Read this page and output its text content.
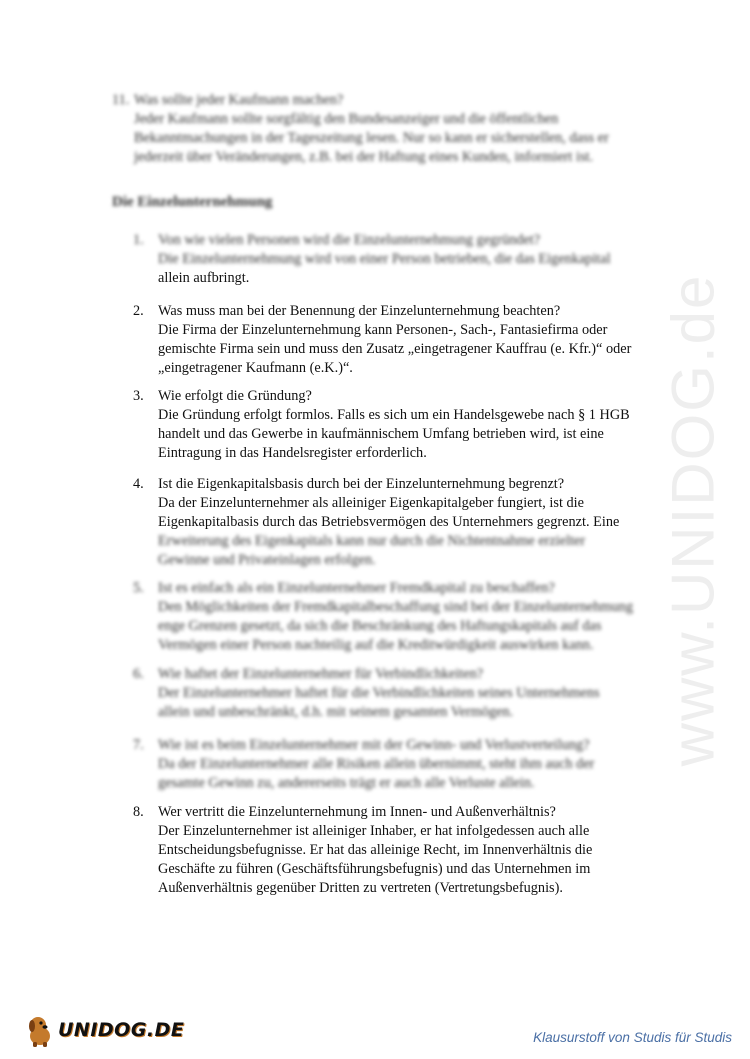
www.UNIDOG.de
11. Was sollte jeder Kaufmann machen?
Jeder Kaufmann sollte sorgfältig den Bundesanzeiger und die öffentlichen Bekanntmachungen in der Tageszeitung lesen. Nur so kann er sicherstellen, dass er jederzeit über Veränderungen, z.B. bei der Haftung eines Kunden, informiert ist.
Die Einzelunternehmung
1. Von wie vielen Personen wird die Einzelunternehmung gegründet?
Die Einzelunternehmung wird von einer Person betrieben, die das Eigenkapital
allein aufbringt.
2. Was muss man bei der Benennung der Einzelunternehmung beachten?
Die Firma der Einzelunternehmung kann Personen-, Sach-, Fantasiefirma oder gemischte Firma sein und muss den Zusatz „eingetragener Kauffrau (e. Kfr.)“ oder „eingetragener Kaufmann (e.K.)“.
3. Wie erfolgt die Gründung?
Die Gründung erfolgt formlos. Falls es sich um ein Handelsgewebe nach § 1 HGB handelt und das Gewerbe in kaufmännischem Umfang betrieben wird, ist eine Eintragung in das Handelsregister erforderlich.
4. Ist die Eigenkapitalsbasis durch bei der Einzelunternehmung begrenzt?
Da der Einzelunternehmer als alleiniger Eigenkapitalgeber fungiert, ist die Eigenkapitalbasis durch das Betriebsvermögen des Unternehmers gegrenzt. Eine
Erweiterung des Eigenkapitals kann nur durch die Nichtentnahme erzielter Gewinne und Privateinlagen erfolgen.
5. Ist es einfach als ein Einzelunternehmer Fremdkapital zu beschaffen?
Den Möglichkeiten der Fremdkapitalbeschaffung sind bei der Einzelunternehmung enge Grenzen gesetzt, da sich die Beschränkung des Haftungskapitals auf das Vermögen einer Person nachteilig auf die Kreditwürdigkeit auswirken kann.
6. Wie haftet der Einzelunternehmer für Verbindlichkeiten?
Der Einzelunternehmer haftet für die Verbindlichkeiten seines Unternehmens allein und unbeschränkt, d.h. mit seinem gesamten Vermögen.
7. Wie ist es beim Einzelunternehmer mit der Gewinn- und Verlustverteilung?
Da der Einzelunternehmer alle Risiken allein übernimmt, steht ihm auch der gesamte Gewinn zu, andererseits trägt er auch alle Verluste allein.
8. Wer vertritt die Einzelunternehmung im Innen- und Außenverhältnis?
Der Einzelunternehmer ist alleiniger Inhaber, er hat infolgedessen auch alle Entscheidungsbefugnisse. Er hat das alleinige Recht, im Innenverhältnis die Geschäfte zu führen (Geschäftsführungsbefugnis) und das Unternehmen im Außenverhältnis gegenüber Dritten zu vertreten (Vertretungsbefugnis).
UNIDOG.DE	Klausurstoff von Studis für Studis
